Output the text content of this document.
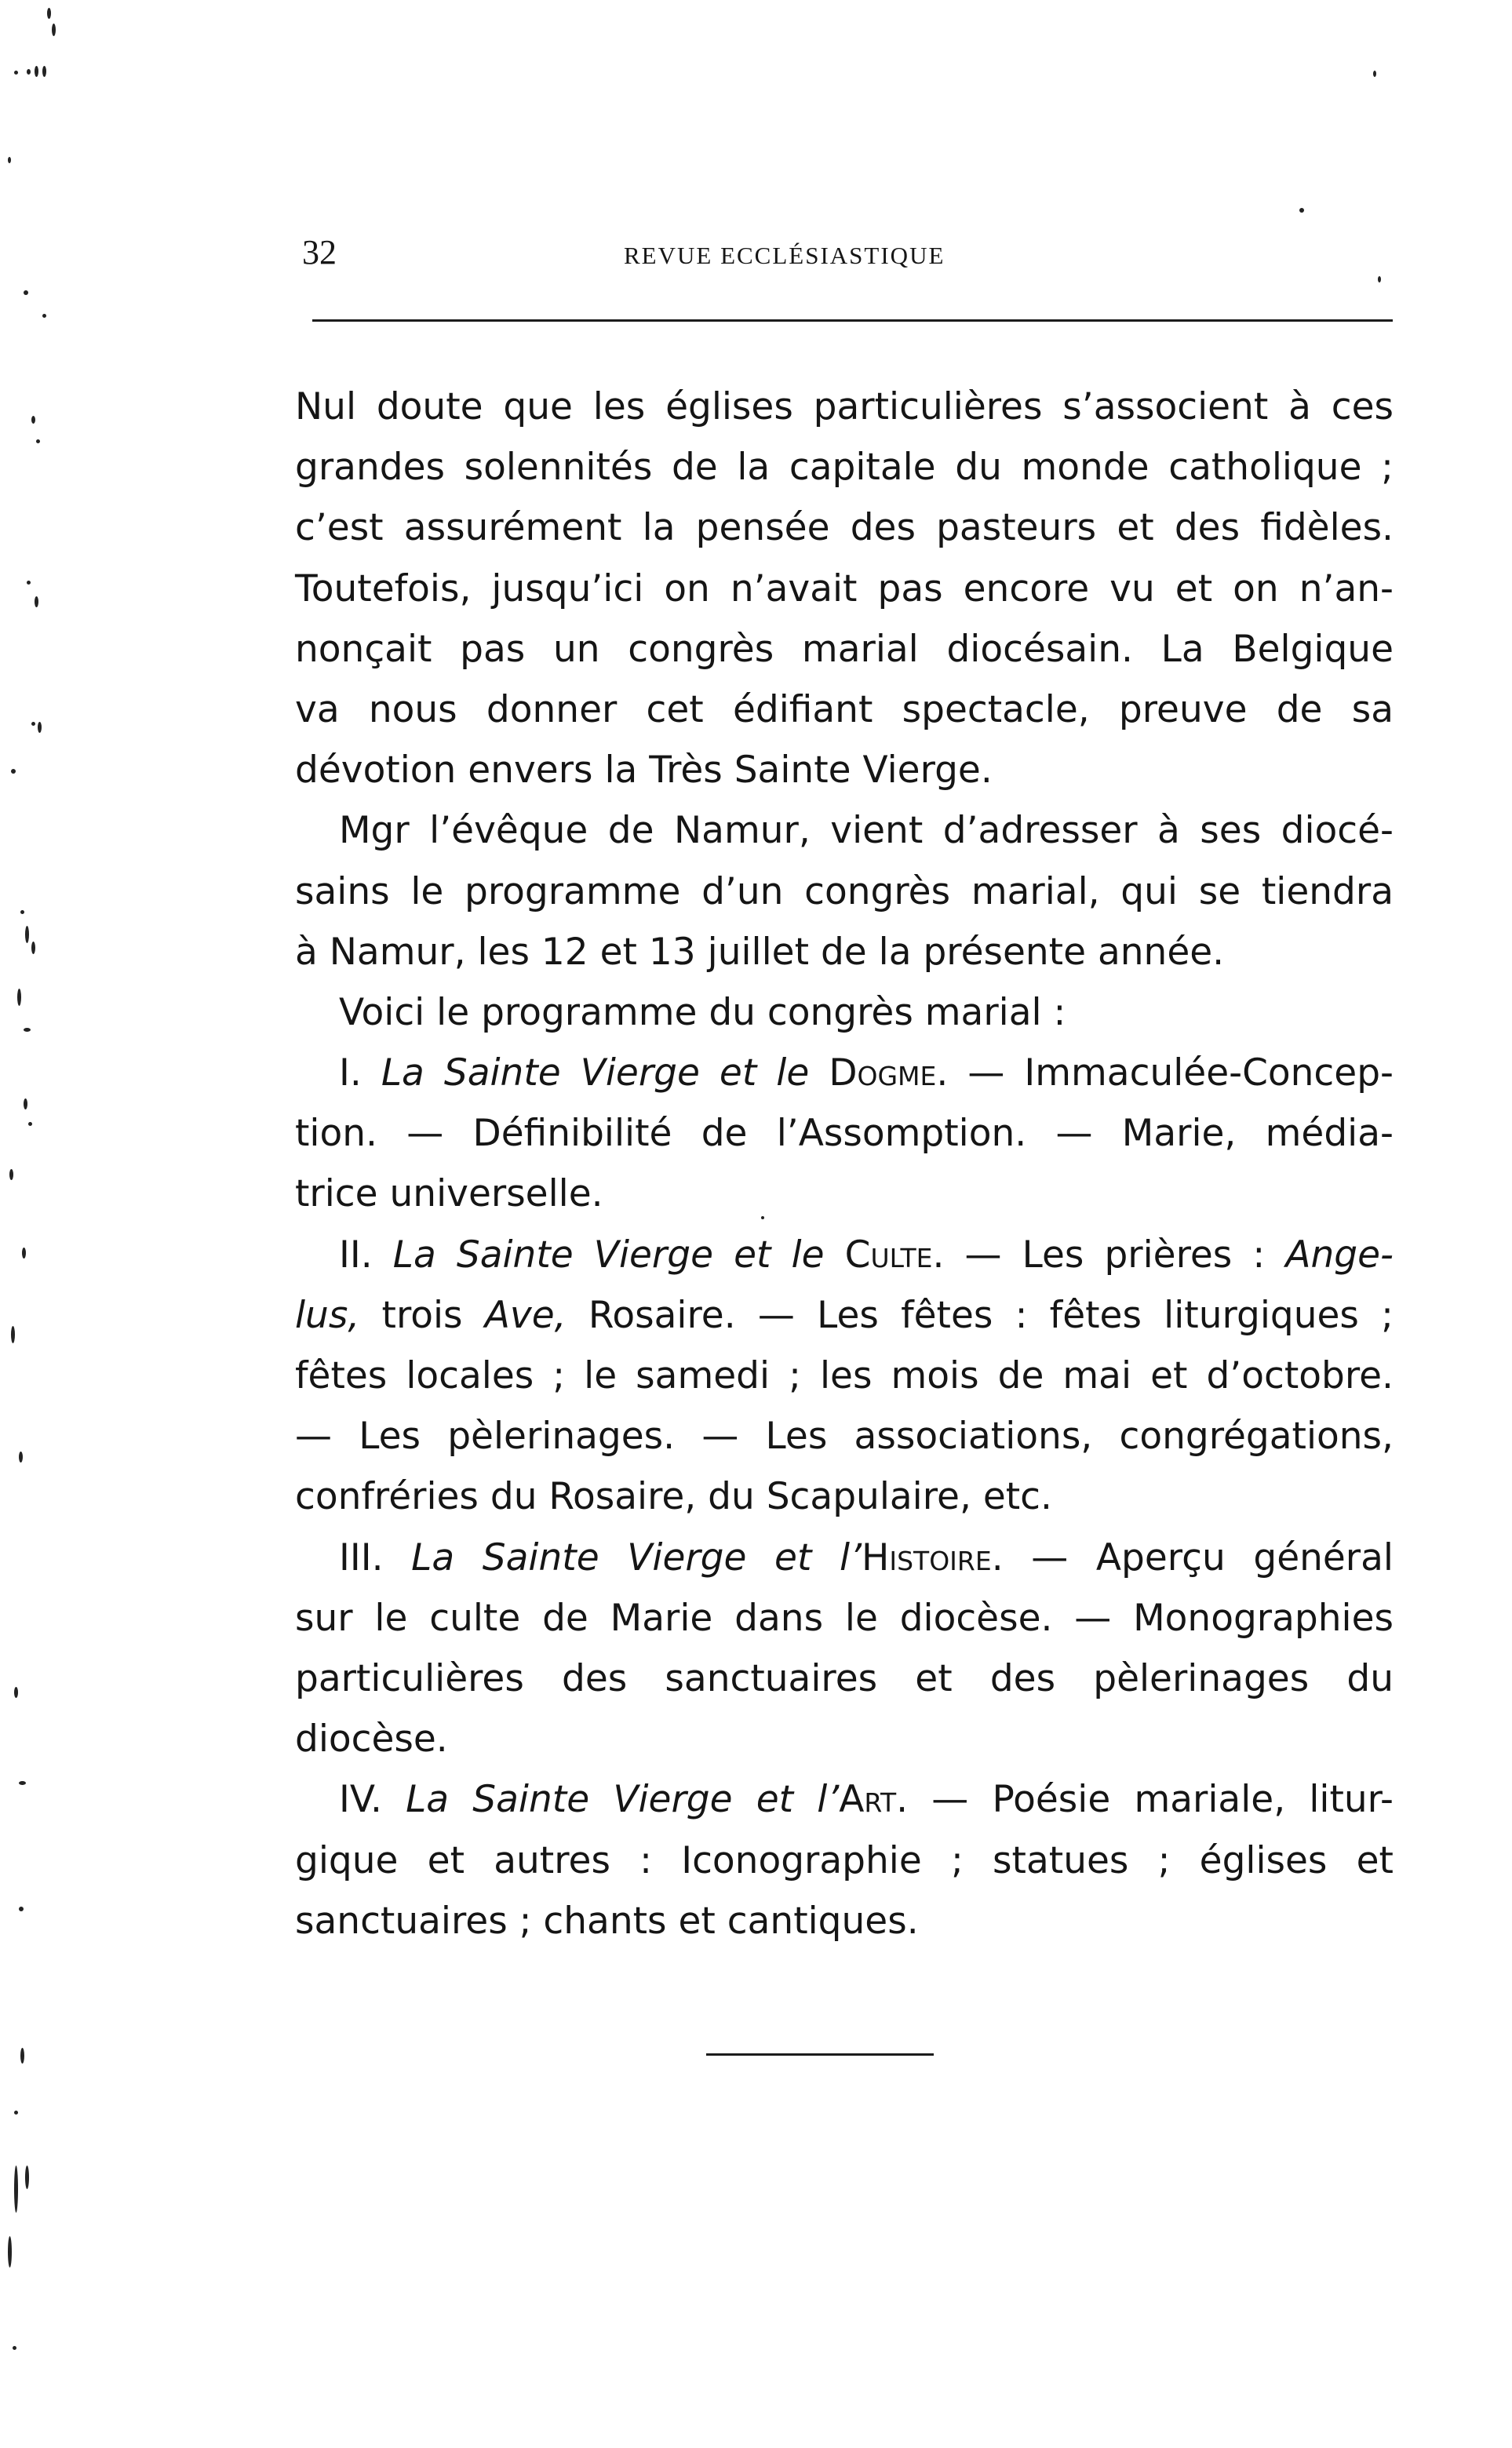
32	REVUE ECCLÉSIASTIQUE
Nul doute que les églises particulières s’associent à ces
grandes solennités de la capitale du monde catholique ;
c’est assurément la pensée des pasteurs et des fidèles.
Toutefois, jusqu’ici on n’avait pas encore vu et on n’an-
nonçait pas un congrès marial diocésain. La Belgique
va nous donner cet édifiant spectacle, preuve de sa
dévotion envers la Très Sainte Vierge.
Mgr l’évêque de Namur, vient d’adresser à ses diocé-
sains le programme d’un congrès marial, qui se tiendra
à Namur, les 12 et 13 juillet de la présente année.
Voici le programme du congrès marial :
I. La Sainte Vierge et le Dogme. — Immaculée-Concep-
tion. — Définibilité de l’Assomption. — Marie, média-
trice universelle.
II. La Sainte Vierge et le Culte. — Les prières : Ange-
lus, trois Ave, Rosaire. — Les fêtes : fêtes liturgiques ;
fêtes locales ; le samedi ; les mois de mai et d’octobre.
— Les pèlerinages. — Les associations, congrégations,
confréries du Rosaire, du Scapulaire, etc.
III. La Sainte Vierge et l’Histoire. — Aperçu général
sur le culte de Marie dans le diocèse. — Monographies
particulières des sanctuaires et des pèlerinages du
diocèse.
IV. La Sainte Vierge et l’Art. — Poésie mariale, litur-
gique et autres : Iconographie ; statues ; églises et
sanctuaires ; chants et cantiques.
